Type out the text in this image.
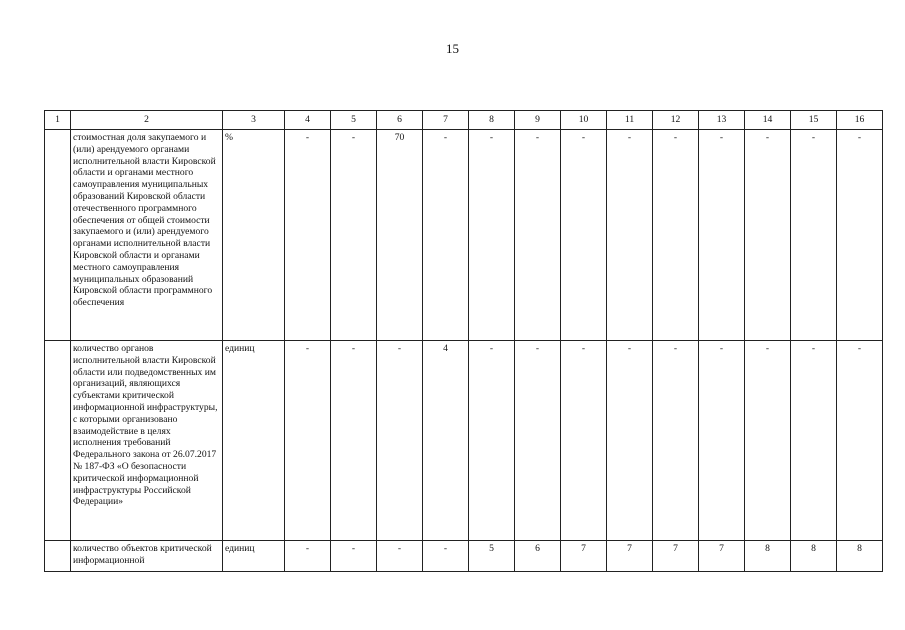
15
1	2	3	4	5	6	7	8	9	10	11	12	13	14	15	16
	стоимостная доля закупаемого и (или) арендуемого органами исполнительной власти Кировской области и органами местного самоуправления муниципальных образований Кировской области отечественного программного обеспечения от общей стоимости закупаемого и (или) арендуемого органами исполнительной власти Кировской области и органами местного самоуправления муниципальных образований Кировской области программного обеспечения	%	-	-	70	-	-	-	-	-	-	-	-	-	-
	количество органов исполнительной власти Кировской области или подведомственных им организаций, являющихся субъектами критической информационной инфраструктуры, с которыми организовано взаимодействие в целях исполнения требований Федерального закона от 26.07.2017 № 187-ФЗ «О безопасности критической информационной инфраструктуры Российской Федерации»	единиц	-	-	-	4	-	-	-	-	-	-	-	-	-
	количество объектов критической информационной	единиц	-	-	-	-	5	6	7	7	7	7	8	8	8
